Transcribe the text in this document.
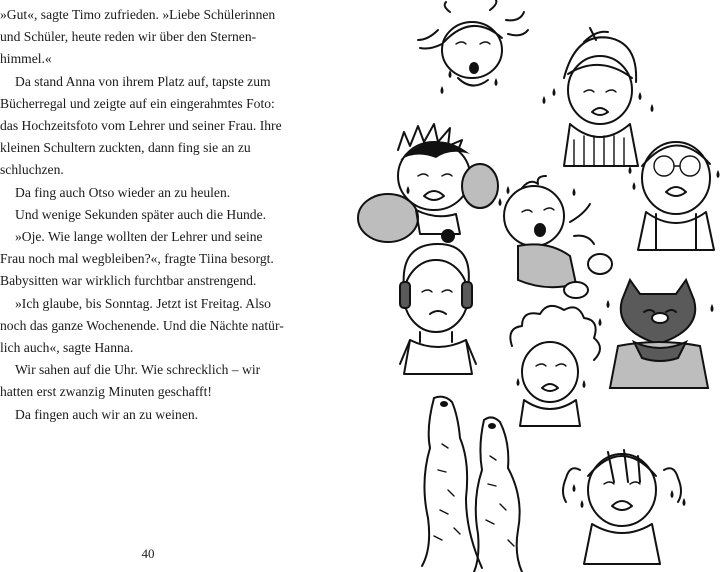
»Gut«, sagte Timo zufrieden. »Liebe Schülerinnen
und Schüler, heute reden wir über den Sternen-
himmel.«
Da stand Anna von ihrem Platz auf, tapste zum
Bücherregal und zeigte auf ein eingerahmtes Foto:
das Hochzeitsfoto vom Lehrer und seiner Frau. Ihre
kleinen Schultern zuckten, dann fing sie an zu
schluchzen.
Da fing auch Otso wieder an zu heulen.
Und wenige Sekunden später auch die Hunde.
»Oje. Wie lange wollten der Lehrer und seine
Frau noch mal wegbleiben?«, fragte Tiina besorgt.
Babysitten war wirklich furchtbar anstrengend.
»Ich glaube, bis Sonntag. Jetzt ist Freitag. Also
noch das ganze Wochenende. Und die Nächte natür-
lich auch«, sagte Hanna.
Wir sahen auf die Uhr. Wie schrecklich – wir
hatten erst zwanzig Minuten geschafft!
Da fingen auch wir an zu weinen.
40
